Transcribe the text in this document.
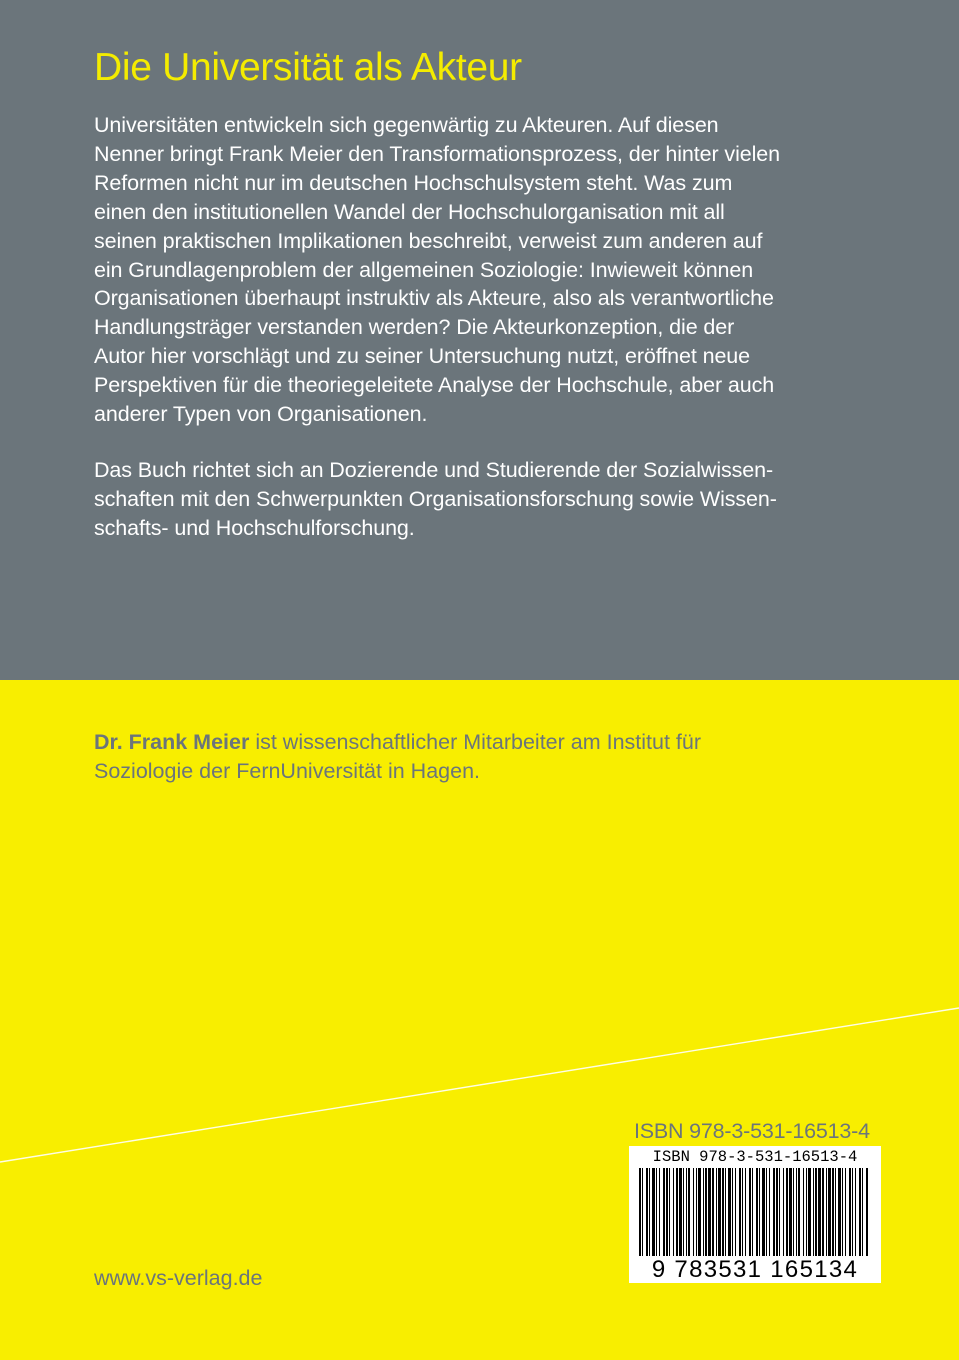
Die Universität als Akteur

Universitäten entwickeln sich gegenwärtig zu Akteuren. Auf diesen
Nenner bringt Frank Meier den Transformationsprozess, der hinter vielen
Reformen nicht nur im deutschen Hochschulsystem steht. Was zum
einen den institutionellen Wandel der Hochschulorganisation mit all
seinen praktischen Implikationen beschreibt, verweist zum anderen auf
ein Grundlagenproblem der allgemeinen Soziologie: Inwieweit können
Organisationen überhaupt instruktiv als Akteure, also als verantwortliche
Handlungsträger verstanden werden? Die Akteurkonzeption, die der
Autor hier vorschlägt und zu seiner Untersuchung nutzt, eröffnet neue
Perspektiven für die theoriegeleitete Analyse der Hochschule, aber auch
anderer Typen von Organisationen.

Das Buch richtet sich an Dozierende und Studierende der Sozialwissen-
schaften mit den Schwerpunkten Organisationsforschung sowie Wissen-
schafts- und Hochschulforschung.

Dr. Frank Meier ist wissenschaftlicher Mitarbeiter am Institut für
Soziologie der FernUniversität in Hagen.

ISBN 978-3-531-16513-4
ISBN 978-3-531-16513-4
9 783531 165134
www.vs-verlag.de
